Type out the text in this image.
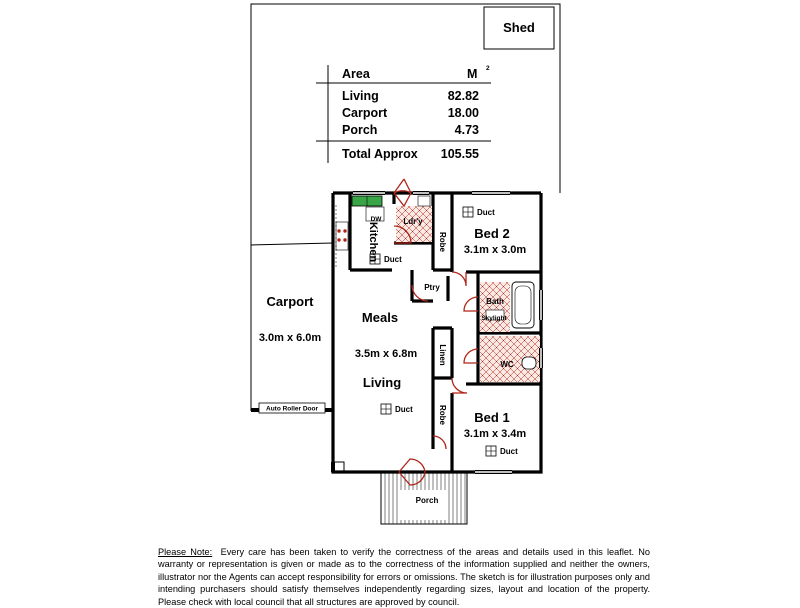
Shed
Area	M 2
Living	82.82
Carport	18.00
Porch	4.73
Total Approx 105.55
Auto Roller Door
Carport
3.0m x 6.0m
Porch
DW
Duct
Duct
Duct
Duct
Kitchen
Ldr'y
Robe Bed 2
3.1m x 3.0m
Ptry
Meals
3.5m x 6.8m
Living
Bath
Skylight
Linen	WC
Robe Bed 1
3.1m x 3.4m
Please Note: Every care has been taken to verify the correctness of the areas and details used in this leaflet. No warranty or representation is given or made as to the correctness of the information supplied and neither the owners, illustrator nor the Agents can accept responsibility for errors or omissions. The sketch is for illustration purposes only and intending purchasers should satisfy themselves independently regarding sizes, layout and location of the property. Please check with local council that all structures are approved by council.
